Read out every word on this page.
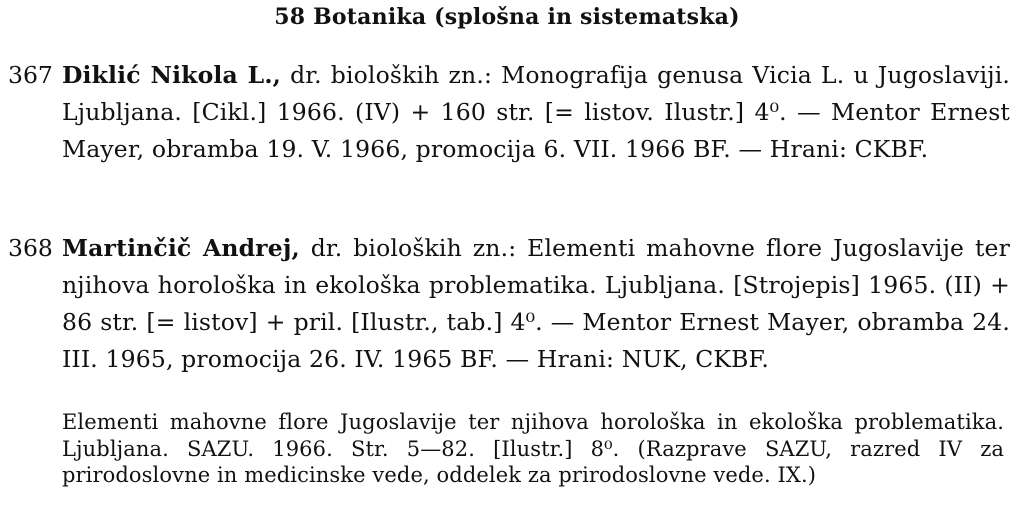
58 Botanika (splošna in sistematska)
367 Diklić Nikola L., dr. bioloških zn.: Monografija genusa Vicia L. u Jugoslaviji. Ljubljana. [Cikl.] 1966. (IV) + 160 str. [= listov. Ilustr.] 4⁰. — Mentor Ernest Mayer, obramba 19. V. 1966, promocija 6. VII. 1966 BF. — Hrani: CKBF.
368 Martinčič Andrej, dr. bioloških zn.: Elementi mahovne flore Jugoslavije ter njihova horološka in ekološka problematika. Ljubljana. [Strojepis] 1965. (II) + 86 str. [= listov] + pril. [Ilustr., tab.] 4⁰. — Mentor Ernest Mayer, obramba 24. III. 1965, promocija 26. IV. 1965 BF. — Hrani: NUK, CKBF.
Elementi mahovne flore Jugoslavije ter njihova horološka in ekološka problematika. Ljubljana. SAZU. 1966. Str. 5—82. [Ilustr.] 8⁰. (Razprave SAZU, razred IV za prirodoslovne in medicinske vede, oddelek za prirodoslovne vede. IX.)
